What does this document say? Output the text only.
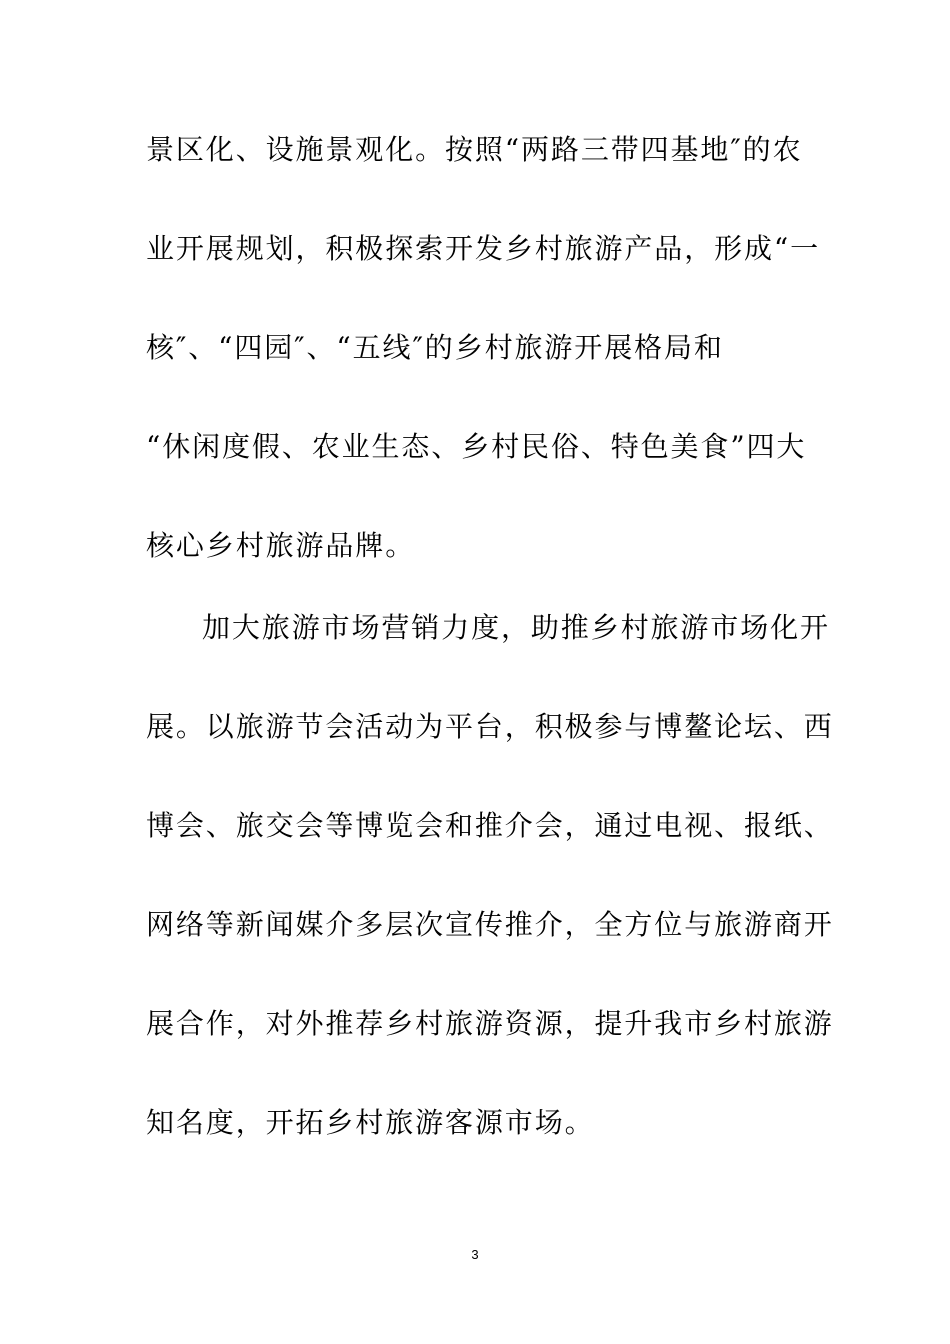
景区化、设施景观化。按照“两路三带四基地″的农
业开展规划，积极探索开发乡村旅游产品，形成“一
核″、“四园″、“五线″的乡村旅游开展格局和
“休闲度假、农业生态、乡村民俗、特色美食”四大
核心乡村旅游品牌。
加大旅游市场营销力度，助推乡村旅游市场化开
展。以旅游节会活动为平台，积极参与博鳌论坛、西
博会、旅交会等博览会和推介会，通过电视、报纸、
网络等新闻媒介多层次宣传推介，全方位与旅游商开
展合作，对外推荐乡村旅游资源，提升我市乡村旅游
知名度，开拓乡村旅游客源市场。
3
